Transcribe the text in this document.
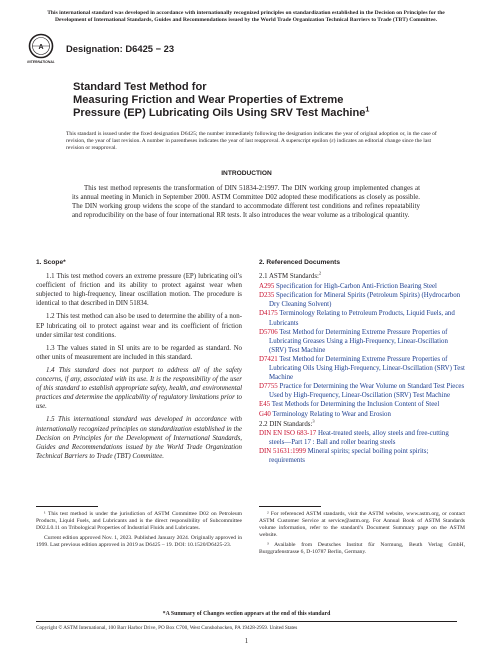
This international standard was developed in accordance with internationally recognized principles on standardization established in the Decision on Principles for the Development of International Standards, Guides and Recommendations issued by the World Trade Organization Technical Barriers to Trade (TBT) Committee.
A
INTERNATIONAL
Designation: D6425 − 23
Standard Test Method for
Measuring Friction and Wear Properties of Extreme
Pressure (EP) Lubricating Oils Using SRV Test Machine$^1$
This standard is issued under the fixed designation D6425; the number immediately following the designation indicates the year of original adoption or, in the case of revision, the year of last revision. A number in parentheses indicates the year of last reapproval. A superscript epsilon (ε) indicates an editorial change since the last revision or reapproval.
INTRODUCTION
This test method represents the transformation of DIN 51834-2:1997. The DIN working group implemented changes at its annual meeting in Munich in September 2000. ASTM Committee D02 adopted these modifications as closely as possible. The DIN working group widens the scope of the standard to accommodate different test conditions and refines repeatability and reproducibility on the base of four international RR tests. It also introduces the wear volume as a tribological quantity.
1. Scope*

1.1 This test method covers an extreme pressure (EP) lubricating oil’s coefficient of friction and its ability to protect against wear when subjected to high-frequency, linear oscillation motion. The procedure is identical to that described in DIN 51834.

1.2 This test method can also be used to determine the ability of a non-EP lubricating oil to protect against wear and its coefficient of friction under similar test conditions.

1.3 The values stated in SI units are to be regarded as standard. No other units of measurement are included in this standard.

1.4 This standard does not purport to address all of the safety concerns, if any, associated with its use. It is the responsibility of the user of this standard to establish appropriate safety, health, and environmental practices and determine the applicability of regulatory limitations prior to use.

1.5 This international standard was developed in accordance with internationally recognized principles on standardization established in the Decision on Principles for the Development of International Standards, Guides and Recommendations issued by the World Trade Organization Technical Barriers to Trade (TBT) Committee.

¹ This test method is under the jurisdiction of ASTM Committee D02 on Petroleum Products, Liquid Fuels, and Lubricants and is the direct responsibility of Subcommittee D02.L0.11 on Tribological Properties of Industrial Fluids and Lubricates.

Current edition approved Nov. 1, 2023. Published January 2024. Originally approved in 1999. Last previous edition approved in 2019 as D6425 – 19. DOI: 10.1520/D6425-23.

2. Referenced Documents
2.1 ASTM Standards:$^2$
A295 Specification for High-Carbon Anti-Friction Bearing Steel
D235 Specification for Mineral Spirits (Petroleum Spirits) (Hydrocarbon Dry Cleaning Solvent)
D4175 Terminology Relating to Petroleum Products, Liquid Fuels, and Lubricants
D5706 Test Method for Determining Extreme Pressure Properties of Lubricating Greases Using a High-Frequency, Linear-Oscillation (SRV) Test Machine
D7421 Test Method for Determining Extreme Pressure Properties of Lubricating Oils Using High-Frequency, Linear-Oscillation (SRV) Test Machine
D7755 Practice for Determining the Wear Volume on Standard Test Pieces Used by High-Frequency, Linear-Oscillation (SRV) Test Machine
E45 Test Methods for Determining the Inclusion Content of Steel
G40 Terminology Relating to Wear and Erosion
2.2 DIN Standards:$^3$
DIN EN ISO 683-17 Heat-treated steels, alloy steels and free-cutting steels—Part 17 : Ball and roller bearing steels
DIN 51631:1999 Mineral spirits; special boiling point spirits; requirements

² For referenced ASTM standards, visit the ASTM website, www.astm.org, or contact ASTM Customer Service at service@astm.org. For Annual Book of ASTM Standards volume information, refer to the standard’s Document Summary page on the ASTM website.

³ Available from Deutsches Institut für Normung, Beuth Verlag GmbH, Burggrafenstrasse 6, D-10787 Berlin, Germany.

*A Summary of Changes section appears at the end of this standard
Copyright © ASTM International, 100 Barr Harbor Drive, PO Box C700, West Conshohocken, PA 19428-2959. United States
1
